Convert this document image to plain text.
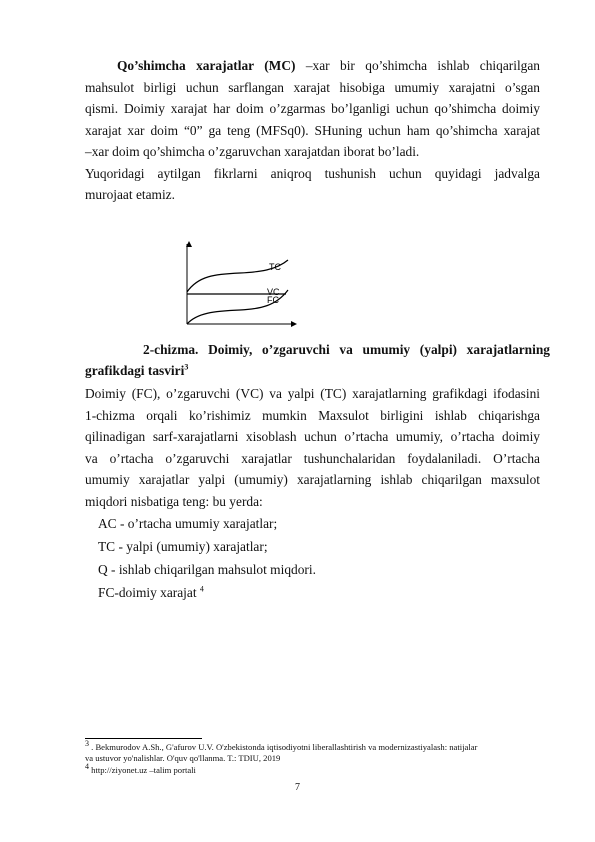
Qo’shimcha xarajatlar (MC) –xar bir qo’shimcha ishlab chiqarilgan
mahsulot birligi uchun sarflangan xarajat hisobiga umumiy xarajatni o’sgan
qismi. Doimiy xarajat har doim o’zgarmas bo’lganligi uchun qo’shimcha doimiy
xarajat xar doim “0” ga teng (MFSq0). SHuning uchun ham qo’shimcha xarajat
–xar doim qo’shimcha o’zgaruvchan xarajatdan iborat bo’ladi.
Yuqoridagi aytilgan fikrlarni aniqroq tushunish uchun quyidagi jadvalga
murojaat etamiz.
TC
VC
FC
2-chizma. Doimiy, o’zgaruvchi va umumiy (yalpi) xarajatlarning
grafikdagi tasviri$^3$
Doimiy (FC), o’zgaruvchi (VC) va yalpi (TC) xarajatlarning grafikdagi ifodasini
1-chizma orqali ko’rishimiz mumkin Maxsulot birligini ishlab chiqarishga
qilinadigan sarf-xarajatlarni xisoblash uchun o’rtacha umumiy, o’rtacha doimiy
va o’rtacha o’zgaruvchi xarajatlar tushunchalaridan foydalaniladi. O’rtacha
umumiy xarajatlar yalpi (umumiy) xarajatlarning ishlab chiqarilgan maxsulot
miqdori nisbatiga teng: bu yerda:
AC - o’rtacha umumiy xarajatlar;
TC - yalpi (umumiy) xarajatlar;
Q - ishlab chiqarilgan mahsulot miqdori.
FC-doimiy xarajat $^4$
$^3$ . Bekmurodov A.Sh., G'afurov U.V. O'zbekistonda iqtisodiyotni liberallashtirish va modernizastiyalash: natijalar
va ustuvor yo'nalishlar. O'quv qo'llanma. T.: TDIU, 2019
$^4$ http://ziyonet.uz –talim portali
7
